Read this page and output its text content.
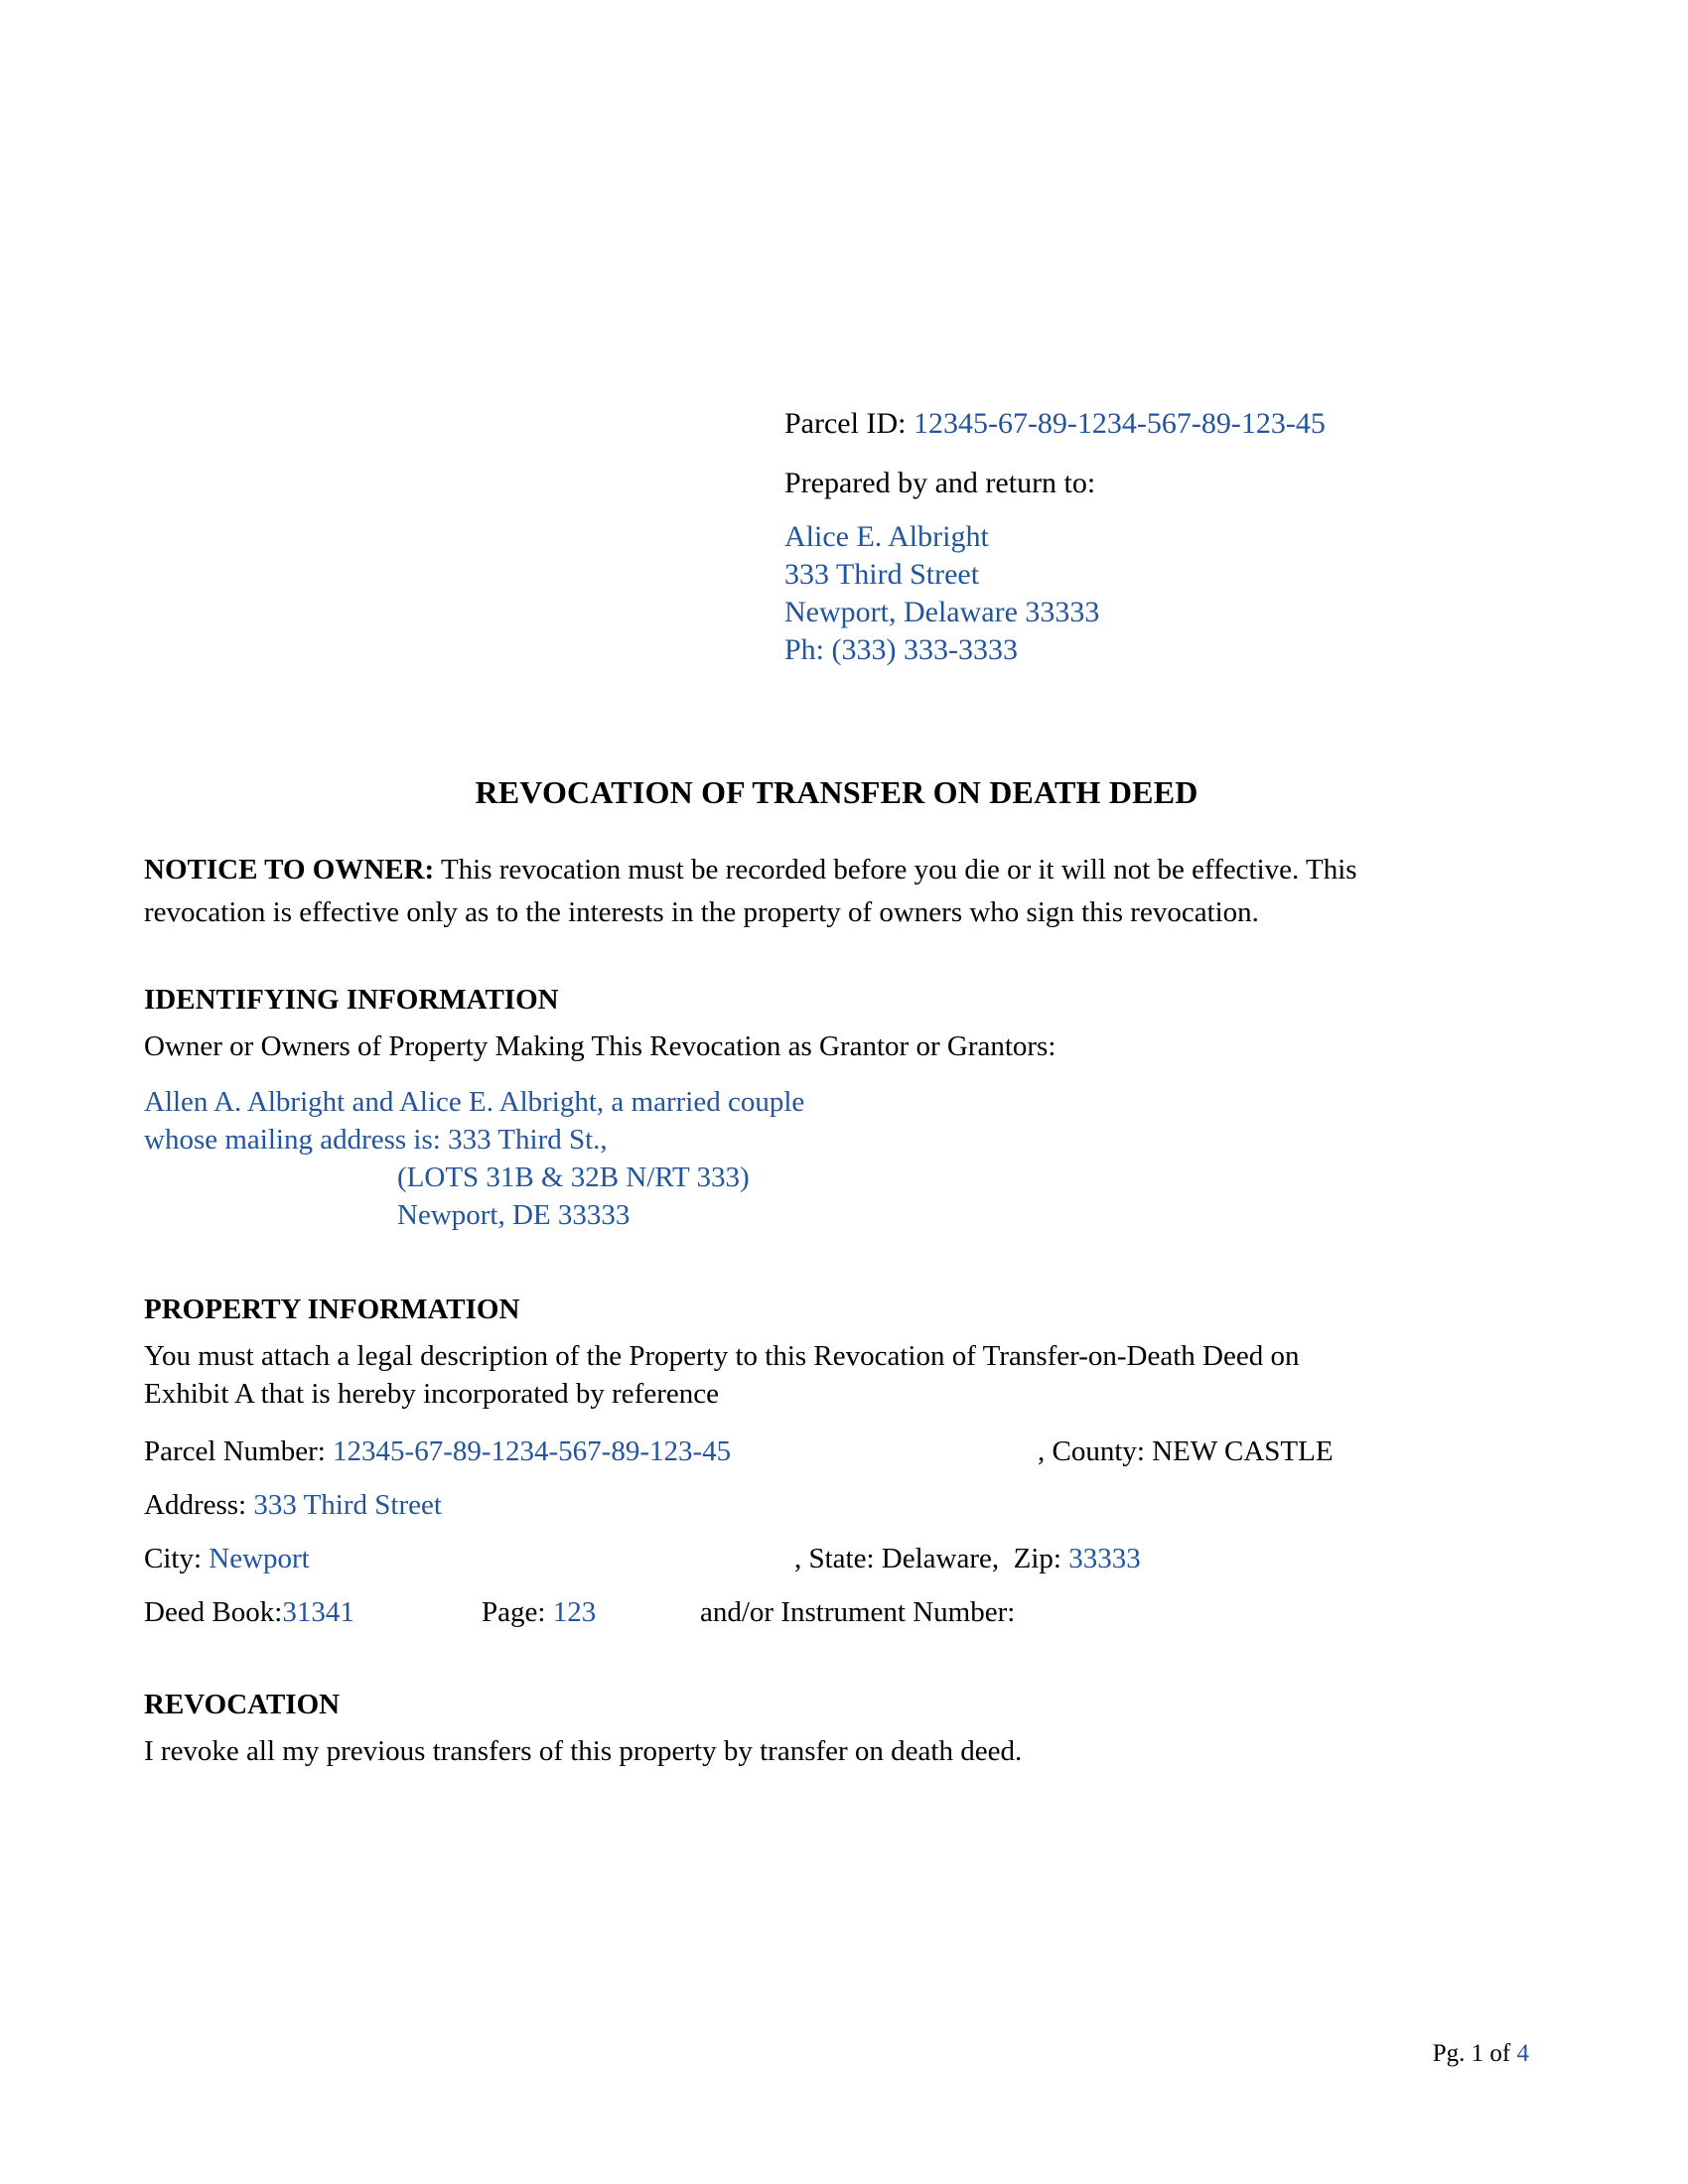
Parcel ID: 12345-67-89-1234-567-89-123-45
Prepared by and return to:
Alice E. Albright
333 Third Street
Newport, Delaware 33333
Ph: (333) 333-3333
REVOCATION OF TRANSFER ON DEATH DEED
NOTICE TO OWNER: This revocation must be recorded before you die or it will not be effective. This revocation is effective only as to the interests in the property of owners who sign this revocation.
IDENTIFYING INFORMATION
Owner or Owners of Property Making This Revocation as Grantor or Grantors:
Allen A. Albright and Alice E. Albright, a married couple
whose mailing address is: 333 Third St.,
(LOTS 31B & 32B N/RT 333)
Newport, DE 33333
PROPERTY INFORMATION
You must attach a legal description of the Property to this Revocation of Transfer-on-Death Deed on
Exhibit A that is hereby incorporated by reference
Parcel Number: 12345-67-89-1234-567-89-123-45	, County: NEW CASTLE
Address: 333 Third Street
City: Newport	, State: Delaware, Zip: 33333
Deed Book:31341	Page: 123	and/or Instrument Number:
REVOCATION
I revoke all my previous transfers of this property by transfer on death deed.
Pg. 1 of 4
